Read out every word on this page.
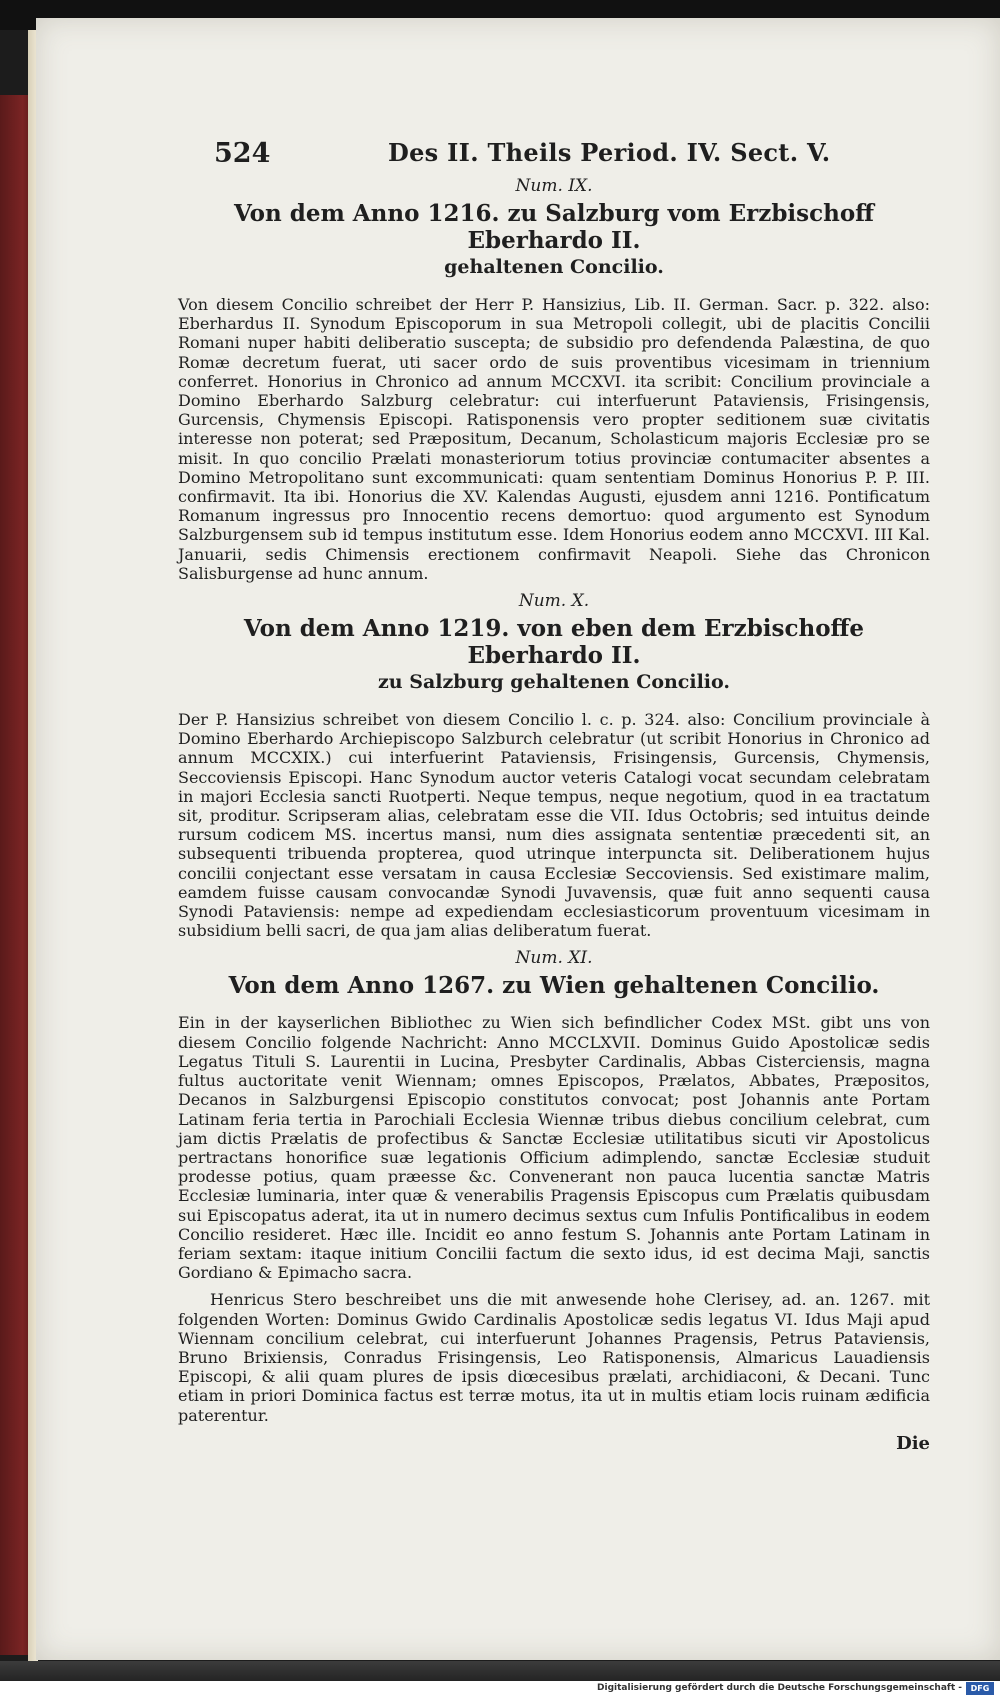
524	Des II. Theils Period. IV. Sect. V.
Num. IX.
Von dem Anno 1216. zu Salzburg vom Erzbischoff Eberhardo II.
gehaltenen Concilio.

Von diesem Concilio schreibet der Herr P. Hansizius, Lib. II. German. Sacr. p. 322. also: Eberhardus II. Synodum Episcoporum in sua Metropoli collegit, ubi de placitis Concilii Romani nuper habiti deliberatio suscepta; de subsidio pro defendenda Palæstina, de quo Romæ decretum fuerat, uti sacer ordo de suis proventibus vicesimam in triennium conferret. Honorius in Chronico ad annum MCCXVI. ita scribit: Concilium provinciale a Domino Eberhardo Salzburg celebratur: cui interfuerunt Pataviensis, Frisingensis, Gurcensis, Chymensis Episcopi. Ratisponensis vero propter seditionem suæ civitatis interesse non poterat; sed Præpositum, Decanum, Scholasticum majoris Ecclesiæ pro se misit. In quo concilio Prælati monasteriorum totius provinciæ contumaciter absentes a Domino Metropolitano sunt excommunicati: quam sententiam Dominus Honorius P. P. III. confirmavit. Ita ibi. Honorius die XV. Kalendas Augusti, ejusdem anni 1216. Pontificatum Romanum ingressus pro Innocentio recens demortuo: quod argumento est Synodum Salzburgensem sub id tempus institutum esse. Idem Honorius eodem anno MCCXVI. III Kal. Januarii, sedis Chimensis erectionem confirmavit Neapoli. Siehe das Chronicon Salisburgense ad hunc annum.

Num. X.
Von dem Anno 1219. von eben dem Erzbischoffe Eberhardo II.
zu Salzburg gehaltenen Concilio.

Der P. Hansizius schreibet von diesem Concilio l. c. p. 324. also: Concilium provinciale à Domino Eberhardo Archiepiscopo Salzburch celebratur (ut scribit Honorius in Chronico ad annum MCCXIX.) cui interfuerint Pataviensis, Frisingensis, Gurcensis, Chymensis, Seccoviensis Episcopi. Hanc Synodum auctor veteris Catalogi vocat secundam celebratam in majori Ecclesia sancti Ruotperti. Neque tempus, neque negotium, quod in ea tractatum sit, proditur. Scripseram alias, celebratam esse die VII. Idus Octobris; sed intuitus deinde rursum codicem MS. incertus mansi, num dies assignata sententiæ præcedenti sit, an subsequenti tribuenda propterea, quod utrinque interpuncta sit. Deliberationem hujus concilii conjectant esse versatam in causa Ecclesiæ Seccoviensis. Sed existimare malim, eamdem fuisse causam convocandæ Synodi Juvavensis, quæ fuit anno sequenti causa Synodi Pataviensis: nempe ad expediendam ecclesiasticorum proventuum vicesimam in subsidium belli sacri, de qua jam alias deliberatum fuerat.

Num. XI.
Von dem Anno 1267. zu Wien gehaltenen Concilio.

Ein in der kayserlichen Bibliothec zu Wien sich befindlicher Codex MSt. gibt uns von diesem Concilio folgende Nachricht: Anno MCCLXVII. Dominus Guido Apostolicæ sedis Legatus Tituli S. Laurentii in Lucina, Presbyter Cardinalis, Abbas Cisterciensis, magna fultus auctoritate venit Wiennam; omnes Episcopos, Prælatos, Abbates, Præpositos, Decanos in Salzburgensi Episcopio constitutos convocat; post Johannis ante Portam Latinam feria tertia in Parochiali Ecclesia Wiennæ tribus diebus concilium celebrat, cum jam dictis Prælatis de profectibus & Sanctæ Ecclesiæ utilitatibus sicuti vir Apostolicus pertractans honorifice suæ legationis Officium adimplendo, sanctæ Ecclesiæ studuit prodesse potius, quam præesse &c. Convenerant non pauca lucentia sanctæ Matris Ecclesiæ luminaria, inter quæ & venerabilis Pragensis Episcopus cum Prælatis quibusdam sui Episcopatus aderat, ita ut in numero decimus sextus cum Infulis Pontificalibus in eodem Concilio resideret. Hæc ille. Incidit eo anno festum S. Johannis ante Portam Latinam in feriam sextam: itaque initium Concilii factum die sexto idus, id est decima Maji, sanctis Gordiano & Epimacho sacra.

Henricus Stero beschreibet uns die mit anwesende hohe Clerisey, ad. an. 1267. mit folgenden Worten: Dominus Gwido Cardinalis Apostolicæ sedis legatus VI. Idus Maji apud Wiennam concilium celebrat, cui interfuerunt Johannes Pragensis, Petrus Pataviensis, Bruno Brixiensis, Conradus Frisingensis, Leo Ratisponensis, Almaricus Lauadiensis Episcopi, & alii quam plures de ipsis diœcesibus prælati, archidiaconi, & Decani. Tunc etiam in priori Dominica factus est terræ motus, ita ut in multis etiam locis ruinam ædificia paterentur.

Die
Digitalisierung gefördert durch die Deutsche Forschungsgemeinschaft -	DFG
